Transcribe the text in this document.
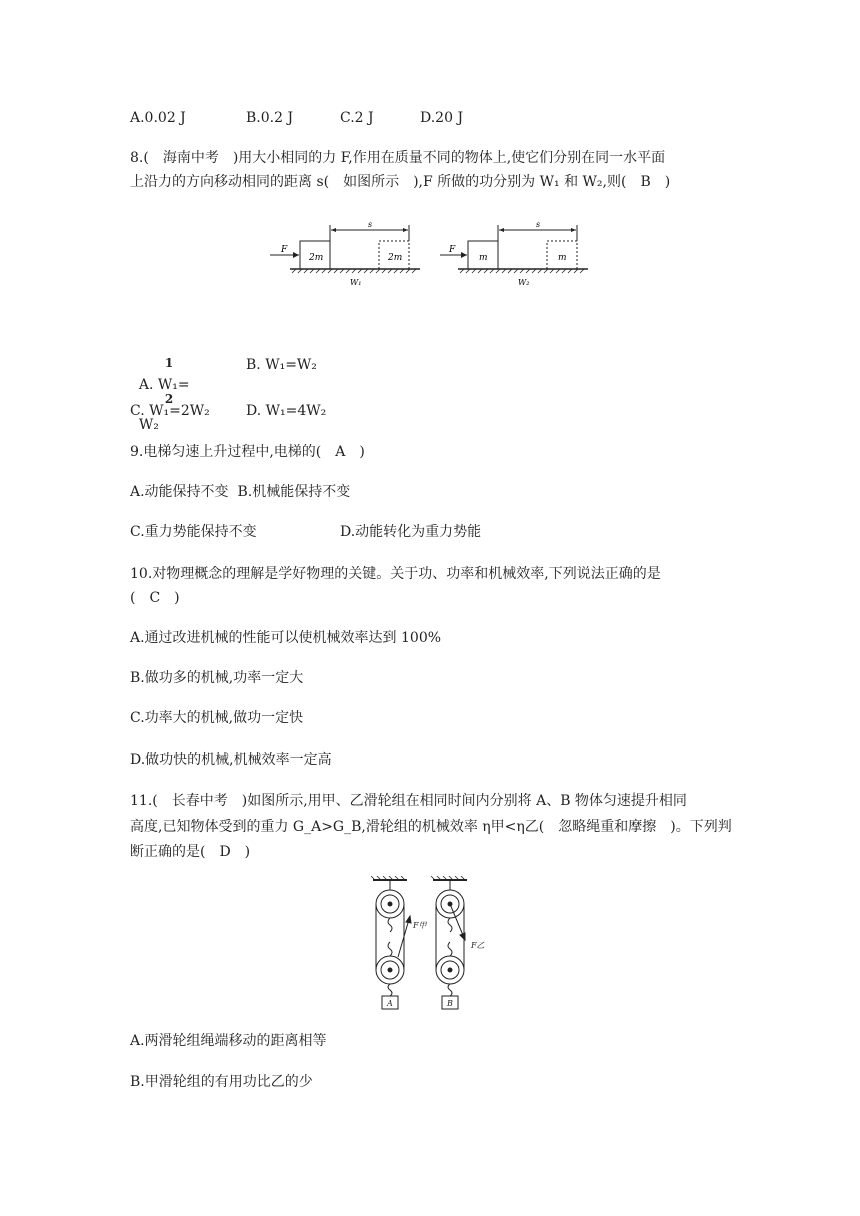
A.0.02 J	B.0.2 J	C.2 J	D.20 J
8.(　海南中考　)用大小相同的力 F,作用在质量不同的物体上,使它们分别在同一水平面
上沿力的方向移动相同的距离 s(　如图所示　),F 所做的功分别为 W₁ 和 W₂,则(　B　)
F
2m	2m
s
W₁
F
m	m
s
W₂

A. W₁=

1

2

W₂

B. W₁=W₂
C. W₁=2W₂	D. W₁=4W₂
9.电梯匀速上升过程中,电梯的(　A　)
A.动能保持不变  B.机械能保持不变
C.重力势能保持不变	D.动能转化为重力势能
10.对物理概念的理解是学好物理的关键。关于功、功率和机械效率,下列说法正确的是
(　C　)
A.通过改进机械的性能可以使机械效率达到 100%
B.做功多的机械,功率一定大
C.功率大的机械,做功一定快
D.做功快的机械,机械效率一定高
11.(　长春中考　)如图所示,用甲、乙滑轮组在相同时间内分别将 A、B 物体匀速提升相同
高度,已知物体受到的重力 G_A>G_B,滑轮组的机械效率 η甲<η乙(　忽略绳重和摩擦　)。下列判
断正确的是(　D　)
F甲
A
F乙
B
A.两滑轮组绳端移动的距离相等
B.甲滑轮组的有用功比乙的少
